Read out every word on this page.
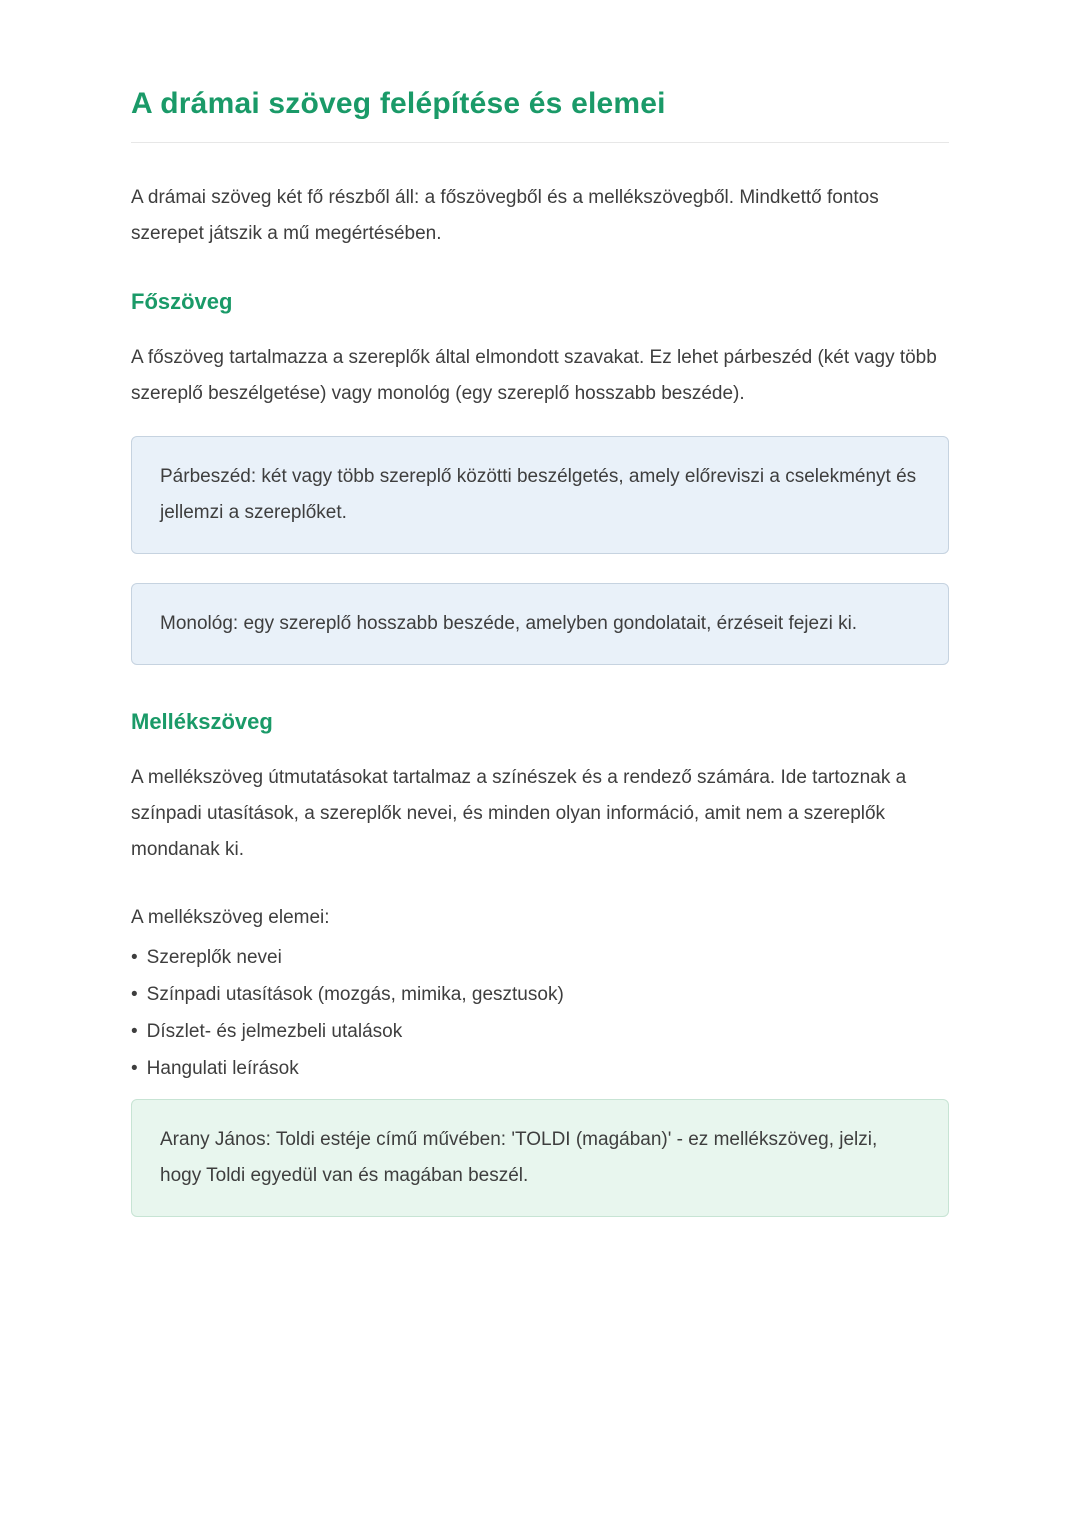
A drámai szöveg felépítése és elemei

A drámai szöveg két fő részből áll: a főszövegből és a mellékszövegből. Mindkettő fontos szerepet játszik a mű megértésében.

Főszöveg

A főszöveg tartalmazza a szereplők által elmondott szavakat. Ez lehet párbeszéd (két vagy több szereplő beszélgetése) vagy monológ (egy szereplő hosszabb beszéde).

Párbeszéd: két vagy több szereplő közötti beszélgetés, amely előreviszi a cselekményt és jellemzi a szereplőket.

Monológ: egy szereplő hosszabb beszéde, amelyben gondolatait, érzéseit fejezi ki.

Mellékszöveg

A mellékszöveg útmutatásokat tartalmaz a színészek és a rendező számára. Ide tartoznak a színpadi utasítások, a szereplők nevei, és minden olyan információ, amit nem a szereplők mondanak ki.

A mellékszöveg elemei:

• Szereplők nevei
• Színpadi utasítások (mozgás, mimika, gesztusok)
• Díszlet- és jelmezbeli utalások
• Hangulati leírások

Arany János: Toldi estéje című művében: 'TOLDI (magában)' - ez mellékszöveg, jelzi, hogy Toldi egyedül van és magában beszél.
